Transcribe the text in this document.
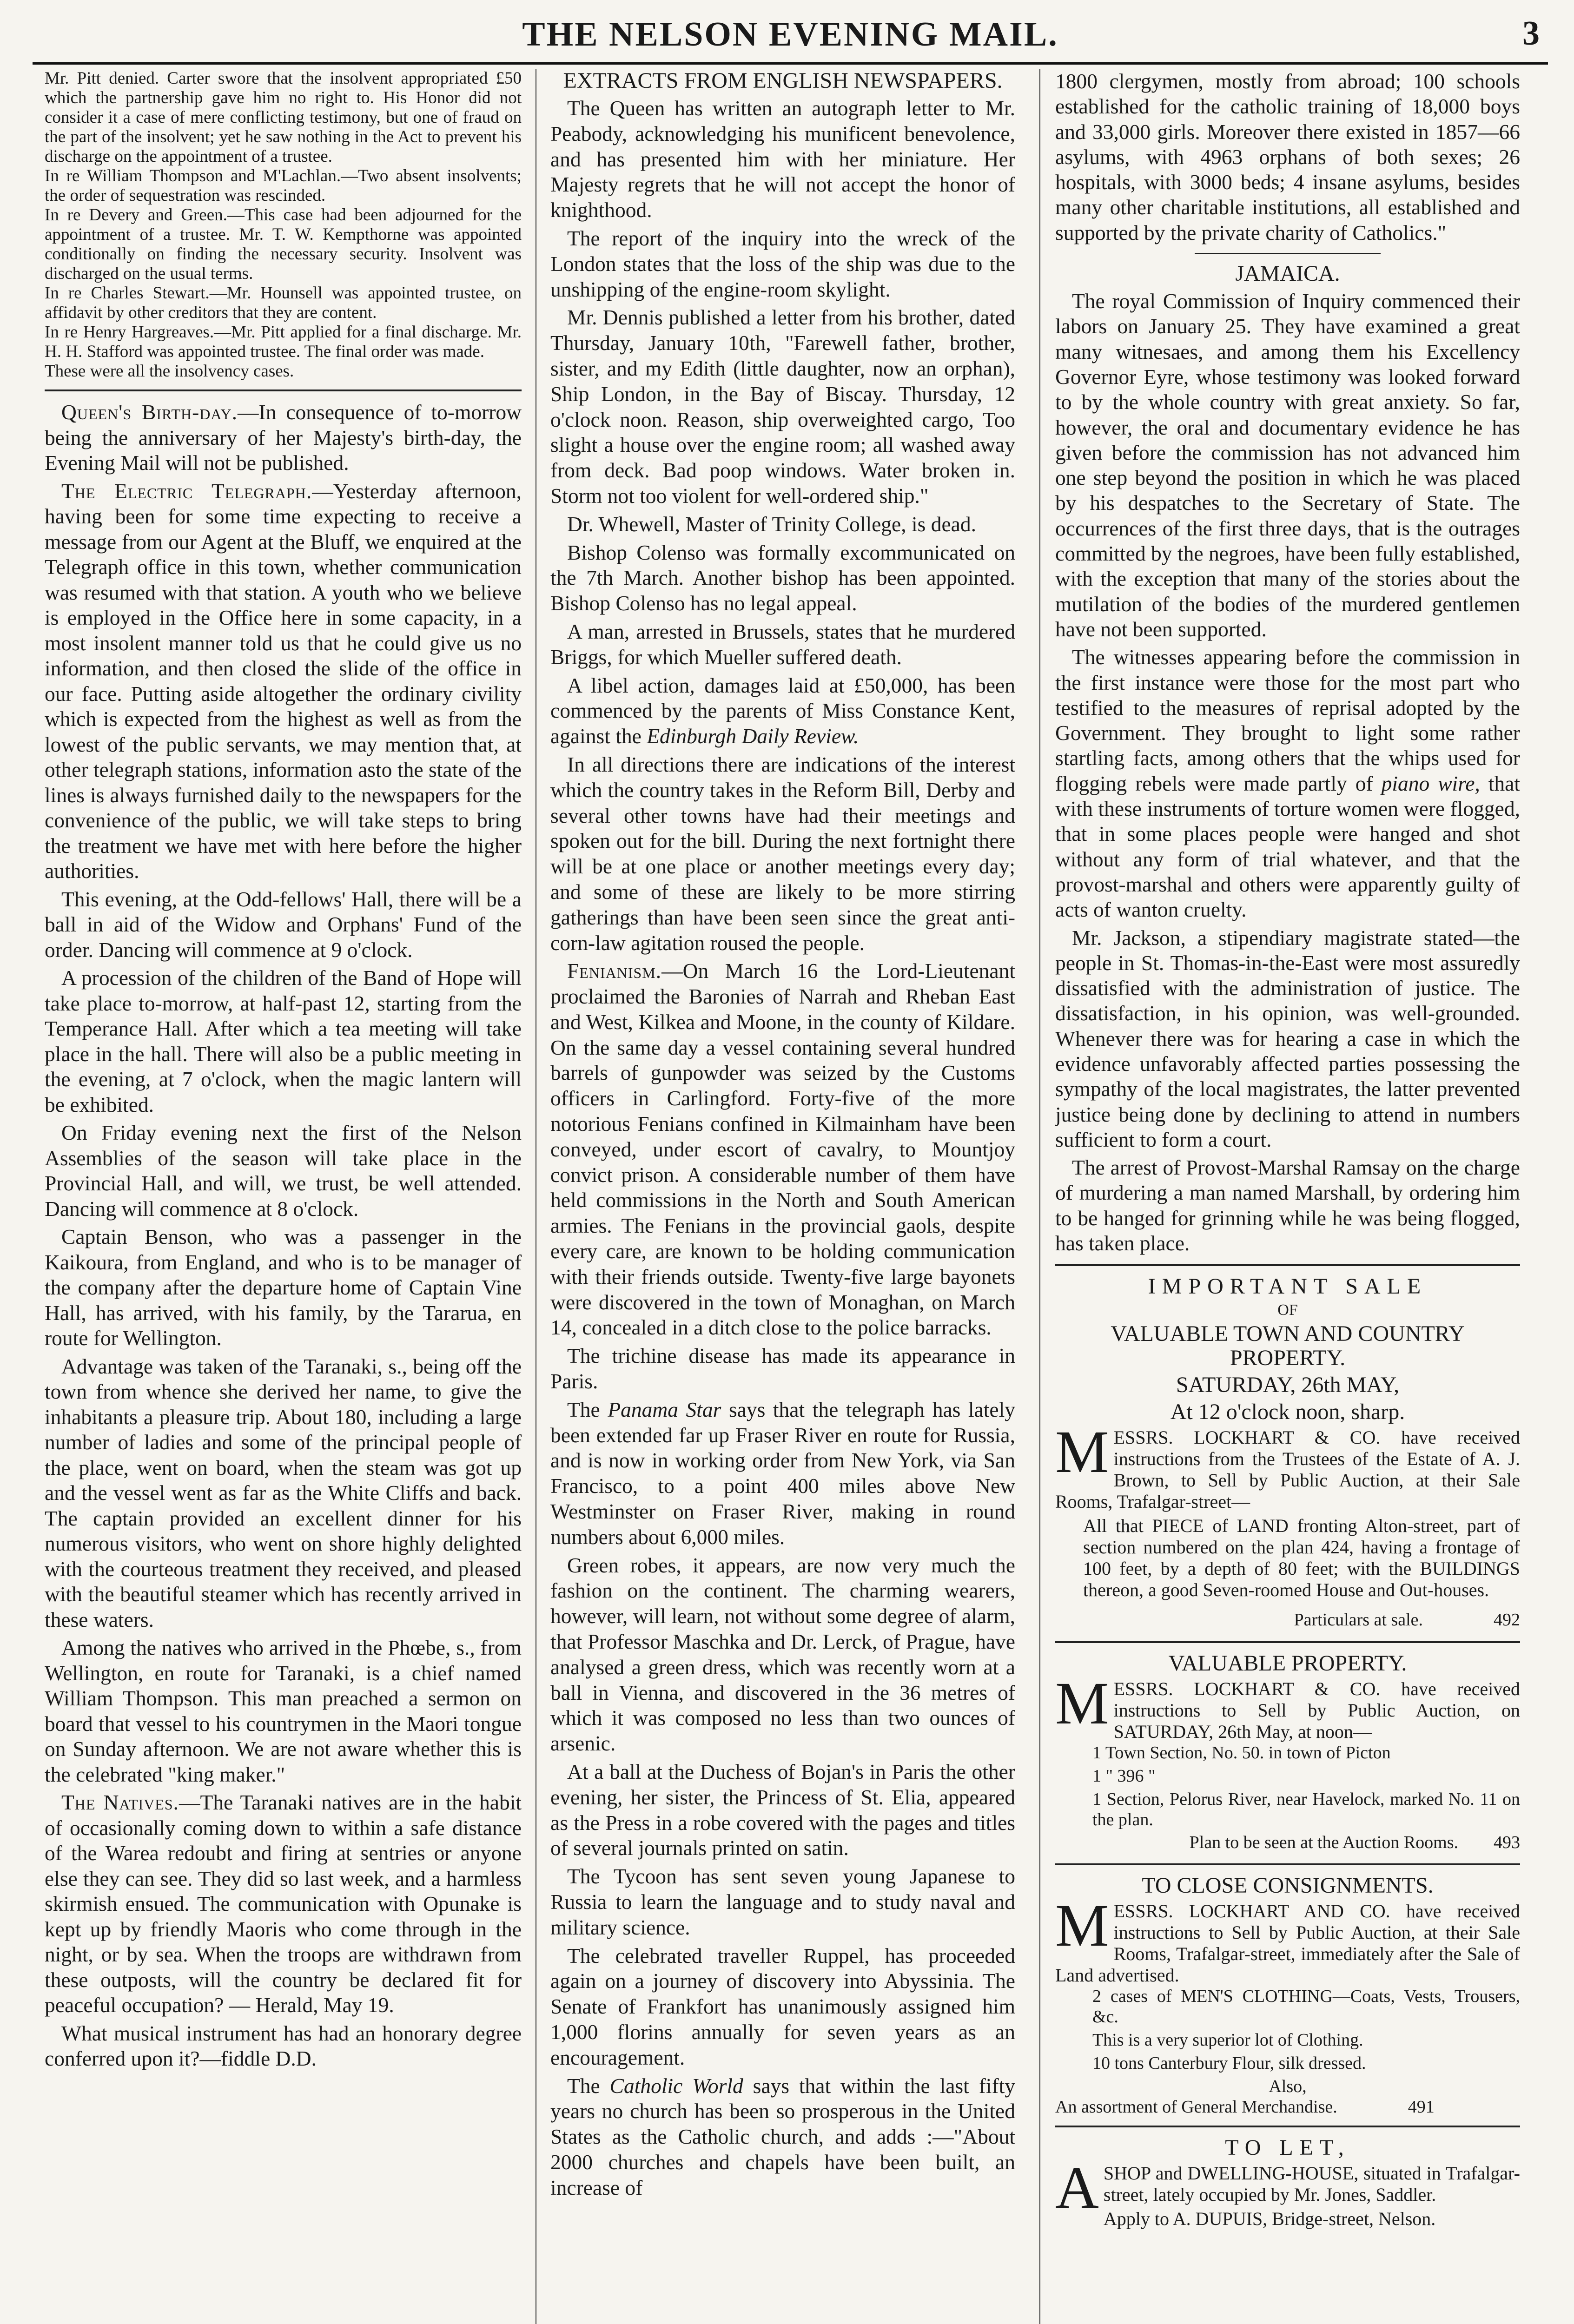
THE NELSON EVENING MAIL.	3

Mr. Pitt denied. Carter swore that the insolvent appropriated £50 which the partnership gave him no right to. His Honor did not consider it a case of mere conflicting testimony, but one of fraud on the part of the insolvent; yet he saw nothing in the Act to prevent his discharge on the appointment of a trustee.

In re William Thompson and M'Lachlan.—Two absent insolvents; the order of sequestration was rescinded.

In re Devery and Green.—This case had been adjourned for the appointment of a trustee. Mr. T. W. Kempthorne was appointed conditionally on finding the necessary security. Insolvent was discharged on the usual terms.

In re Charles Stewart.—Mr. Hounsell was appointed trustee, on affidavit by other creditors that they are content.

In re Henry Hargreaves.—Mr. Pitt applied for a final discharge. Mr. H. H. Stafford was appointed trustee. The final order was made.

These were all the insolvency cases.

Queen's Birth-day.—In consequence of to-morrow being the anniversary of her Majesty's birth-day, the Evening Mail will not be published.

The Electric Telegraph.—Yesterday afternoon, having been for some time expecting to receive a message from our Agent at the Bluff, we enquired at the Telegraph office in this town, whether communication was resumed with that station. A youth who we believe is employed in the Office here in some capacity, in a most insolent manner told us that he could give us no information, and then closed the slide of the office in our face. Putting aside altogether the ordinary civility which is expected from the highest as well as from the lowest of the public servants, we may mention that, at other telegraph stations, information asto the state of the lines is always furnished daily to the newspapers for the convenience of the public, we will take steps to bring the treatment we have met with here before the higher authorities.

This evening, at the Odd-fellows' Hall, there will be a ball in aid of the Widow and Orphans' Fund of the order. Dancing will commence at 9 o'clock.

A procession of the children of the Band of Hope will take place to-morrow, at half-past 12, starting from the Temperance Hall. After which a tea meeting will take place in the hall. There will also be a public meeting in the evening, at 7 o'clock, when the magic lantern will be exhibited.

On Friday evening next the first of the Nelson Assemblies of the season will take place in the Provincial Hall, and will, we trust, be well attended. Dancing will commence at 8 o'clock.

Captain Benson, who was a passenger in the Kaikoura, from England, and who is to be manager of the company after the departure home of Captain Vine Hall, has arrived, with his family, by the Tararua, en route for Wellington.

Advantage was taken of the Taranaki, s., being off the town from whence she derived her name, to give the inhabitants a pleasure trip. About 180, including a large number of ladies and some of the principal people of the place, went on board, when the steam was got up and the vessel went as far as the White Cliffs and back. The captain provided an excellent dinner for his numerous visitors, who went on shore highly delighted with the courteous treatment they received, and pleased with the beautiful steamer which has recently arrived in these waters.

Among the natives who arrived in the Phœbe, s., from Wellington, en route for Taranaki, is a chief named William Thompson. This man preached a sermon on board that vessel to his countrymen in the Maori tongue on Sunday afternoon. We are not aware whether this is the celebrated "king maker."

The Natives.—The Taranaki natives are in the habit of occasionally coming down to within a safe distance of the Warea redoubt and firing at sentries or anyone else they can see. They did so last week, and a harmless skirmish ensued. The communication with Opunake is kept up by friendly Maoris who come through in the night, or by sea. When the troops are withdrawn from these outposts, will the country be declared fit for peaceful occupation? — Herald, May 19.

What musical instrument has had an honorary degree conferred upon it?—fiddle D.D.

EXTRACTS FROM ENGLISH NEWSPAPERS.

The Queen has written an autograph letter to Mr. Peabody, acknowledging his munificent benevolence, and has presented him with her miniature. Her Majesty regrets that he will not accept the honor of knighthood.

The report of the inquiry into the wreck of the London states that the loss of the ship was due to the unshipping of the engine-room skylight.

Mr. Dennis published a letter from his brother, dated Thursday, January 10th, "Farewell father, brother, sister, and my Edith (little daughter, now an orphan), Ship London, in the Bay of Biscay. Thursday, 12 o'clock noon. Reason, ship overweighted cargo, Too slight a house over the engine room; all washed away from deck. Bad poop windows. Water broken in. Storm not too violent for well-ordered ship."

Dr. Whewell, Master of Trinity College, is dead.

Bishop Colenso was formally excommunicated on the 7th March. Another bishop has been appointed. Bishop Colenso has no legal appeal.

A man, arrested in Brussels, states that he murdered Briggs, for which Mueller suffered death.

A libel action, damages laid at £50,000, has been commenced by the parents of Miss Constance Kent, against the Edinburgh Daily Review.

In all directions there are indications of the interest which the country takes in the Reform Bill, Derby and several other towns have had their meetings and spoken out for the bill. During the next fortnight there will be at one place or another meetings every day; and some of these are likely to be more stirring gatherings than have been seen since the great anti-corn-law agitation roused the people.

Fenianism.—On March 16 the Lord-Lieutenant proclaimed the Baronies of Narrah and Rheban East and West, Kilkea and Moone, in the county of Kildare. On the same day a vessel containing several hundred barrels of gunpowder was seized by the Customs officers in Carlingford. Forty-five of the more notorious Fenians confined in Kilmainham have been conveyed, under escort of cavalry, to Mountjoy convict prison. A considerable number of them have held commissions in the North and South American armies. The Fenians in the provincial gaols, despite every care, are known to be holding communication with their friends outside. Twenty-five large bayonets were discovered in the town of Monaghan, on March 14, concealed in a ditch close to the police barracks.

The trichine disease has made its appearance in Paris.

The Panama Star says that the telegraph has lately been extended far up Fraser River en route for Russia, and is now in working order from New York, via San Francisco, to a point 400 miles above New Westminster on Fraser River, making in round numbers about 6,000 miles.

Green robes, it appears, are now very much the fashion on the continent. The charming wearers, however, will learn, not without some degree of alarm, that Professor Maschka and Dr. Lerck, of Prague, have analysed a green dress, which was recently worn at a ball in Vienna, and discovered in the 36 metres of which it was composed no less than two ounces of arsenic.

At a ball at the Duchess of Bojan's in Paris the other evening, her sister, the Princess of St. Elia, appeared as the Press in a robe covered with the pages and titles of several journals printed on satin.

The Tycoon has sent seven young Japanese to Russia to learn the language and to study naval and military science.

The celebrated traveller Ruppel, has proceeded again on a journey of discovery into Abyssinia. The Senate of Frankfort has unanimously assigned him 1,000 florins annually for seven years as an encouragement.

The Catholic World says that within the last fifty years no church has been so prosperous in the United States as the Catholic church, and adds :—"About 2000 churches and chapels have been built, an increase of

1800 clergymen, mostly from abroad; 100 schools established for the catholic training of 18,000 boys and 33,000 girls. Moreover there existed in 1857—66 asylums, with 4963 orphans of both sexes; 26 hospitals, with 3000 beds; 4 insane asylums, besides many other charitable institutions, all established and supported by the private charity of Catholics."

JAMAICA.

The royal Commission of Inquiry commenced their labors on January 25. They have examined a great many witnesaes, and among them his Excellency Governor Eyre, whose testimony was looked forward to by the whole country with great anxiety. So far, however, the oral and documentary evidence he has given before the commission has not advanced him one step beyond the position in which he was placed by his despatches to the Secretary of State. The occurrences of the first three days, that is the outrages committed by the negroes, have been fully established, with the exception that many of the stories about the mutilation of the bodies of the murdered gentlemen have not been supported.

The witnesses appearing before the commission in the first instance were those for the most part who testified to the measures of reprisal adopted by the Government. They brought to light some rather startling facts, among others that the whips used for flogging rebels were made partly of piano wire, that with these instruments of torture women were flogged, that in some places people were hanged and shot without any form of trial whatever, and that the provost-marshal and others were apparently guilty of acts of wanton cruelty.

Mr. Jackson, a stipendiary magistrate stated—the people in St. Thomas-in-the-East were most assuredly dissatisfied with the administration of justice. The dissatisfaction, in his opinion, was well-grounded. Whenever there was for hearing a case in which the evidence unfavorably affected parties possessing the sympathy of the local magistrates, the latter prevented justice being done by declining to attend in numbers sufficient to form a court.

The arrest of Provost-Marshal Ramsay on the charge of murdering a man named Marshall, by ordering him to be hanged for grinning while he was being flogged, has taken place.

IMPORTANT SALE

OF

VALUABLE TOWN AND COUNTRY PROPERTY.

SATURDAY, 26th MAY,

At 12 o'clock noon, sharp.

MESSRS. LOCKHART & CO. have received instructions from the Trustees of the Estate of A. J. Brown, to Sell by Public Auction, at their Sale Rooms, Trafalgar-street—

All that PIECE of LAND fronting Alton-street, part of section numbered on the plan 424, having a frontage of 100 feet, by a depth of 80 feet; with the BUILDINGS thereon, a good Seven-roomed House and Out-houses.

Particulars at sale.    	492

VALUABLE PROPERTY.

MESSRS. LOCKHART & CO. have received instructions to Sell by Public Auction, on SATURDAY, 26th May, at noon—

1 Town Section, No. 50. in town of Picton

1 " 396 "

1 Section, Pelorus River, near Havelock, marked No. 11 on the plan.

Plan to be seen at the Auction Rooms.   493

TO CLOSE CONSIGNMENTS.

MESSRS. LOCKHART AND CO. have received instructions to Sell by Public Auction, at their Sale Rooms, Trafalgar-street, immediately after the Sale of Land advertised.

2 cases of MEN'S CLOTHING—Coats, Vests, Trousers, &c.

This is a very superior lot of Clothing.

10 tons Canterbury Flour, silk dressed.

Also,

An assortment of General Merchandise.    	491

TO LET,

ASHOP and DWELLING-HOUSE, situated in Trafalgar-street, lately occupied by Mr. Jones, Saddler.

Apply to A. DUPUIS, Bridge-street, Nelson.
